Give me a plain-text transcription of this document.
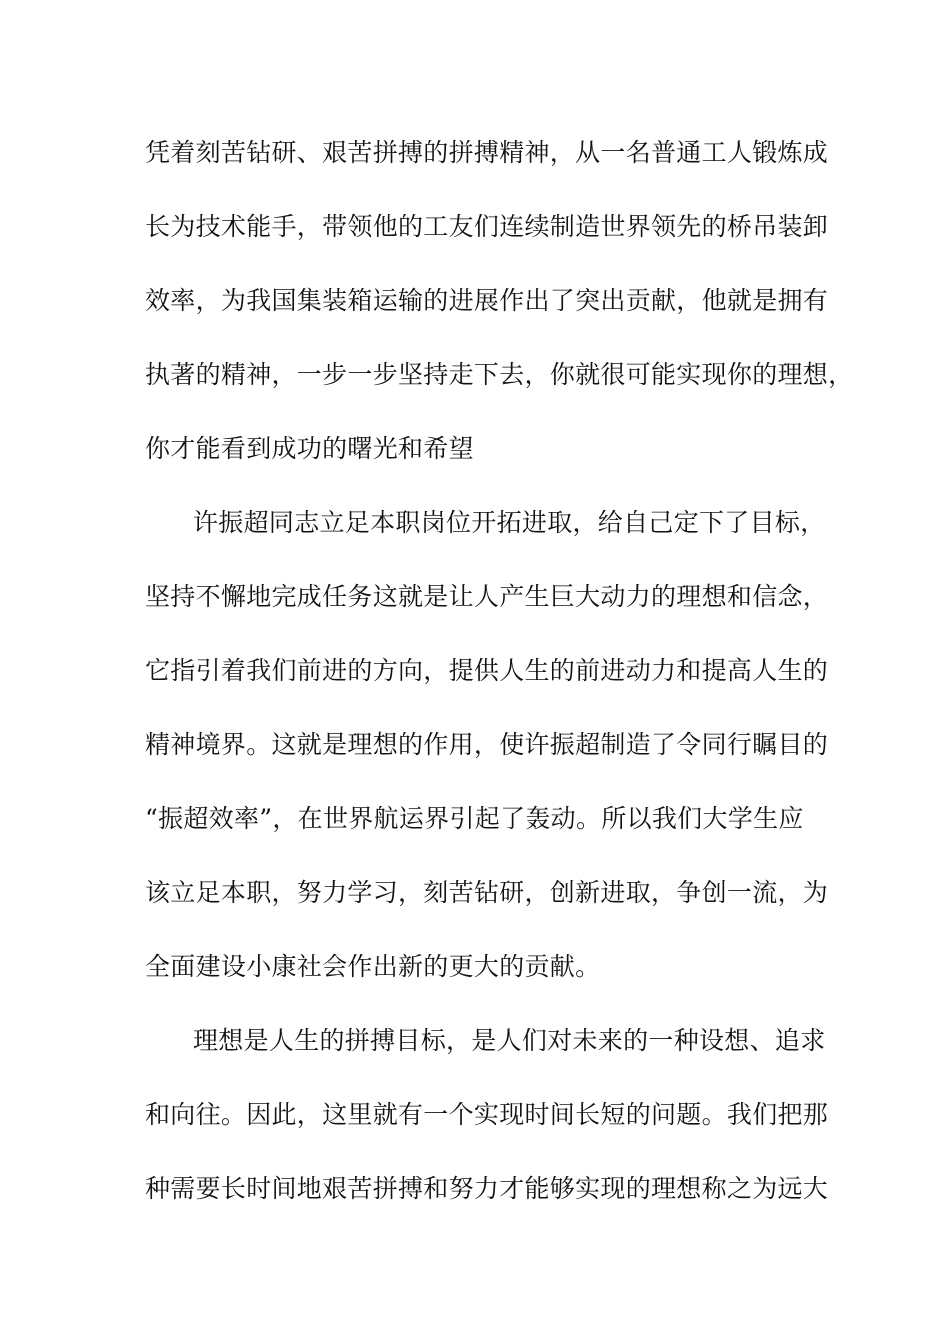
凭着刻苦钻研、艰苦拼搏的拼搏精神，从一名普通工人锻炼成
长为技术能手，带领他的工友们连续制造世界领先的桥吊装卸
效率，为我国集装箱运输的进展作出了突出贡献，他就是拥有
执著的精神，一步一步坚持走下去，你就很可能实现你的理想，
你才能看到成功的曙光和希望
许振超同志立足本职岗位开拓进取，给自己定下了目标，
坚持不懈地完成任务这就是让人产生巨大动力的理想和信念，
它指引着我们前进的方向，提供人生的前进动力和提高人生的
精神境界。这就是理想的作用，使许振超制造了令同行瞩目的
“振超效率”，在世界航运界引起了轰动。所以我们大学生应
该立足本职，努力学习，刻苦钻研，创新进取，争创一流，为
全面建设小康社会作出新的更大的贡献。
理想是人生的拼搏目标，是人们对未来的一种设想、追求
和向往。因此，这里就有一个实现时间长短的问题。我们把那
种需要长时间地艰苦拼搏和努力才能够实现的理想称之为远大
